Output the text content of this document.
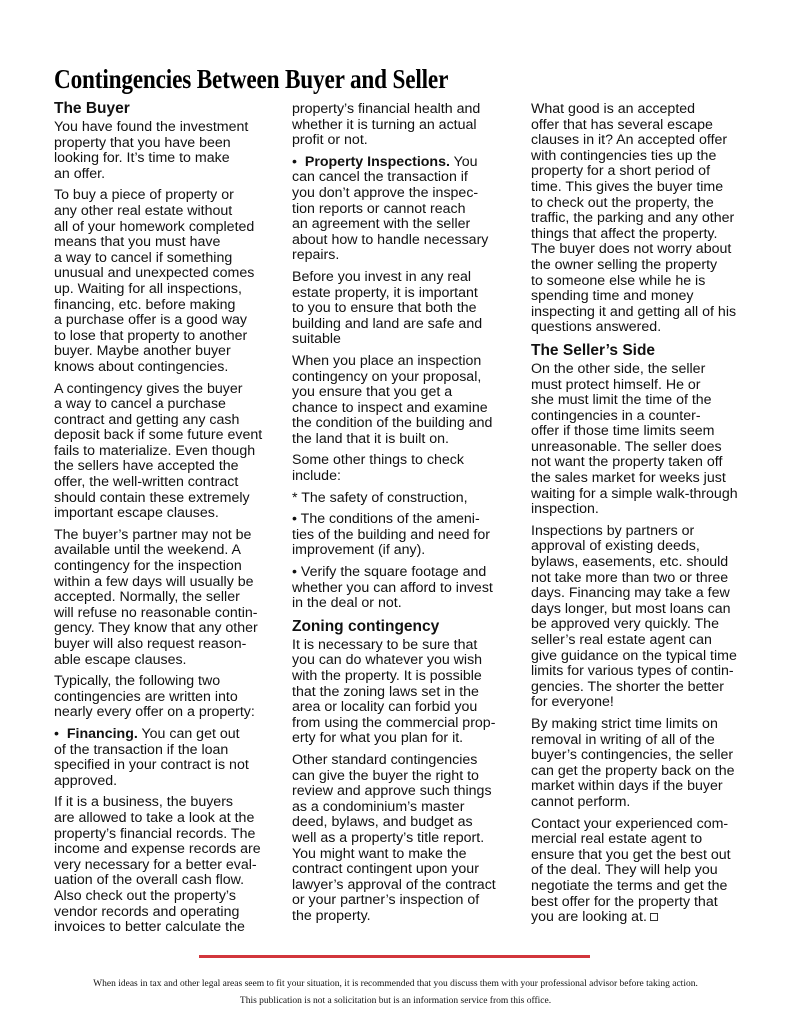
Contingencies Between Buyer and Seller
The Buyer
You have found the investment
property that you have been
looking for. It’s time to make
an offer.
To buy a piece of property or
any other real estate without
all of your homework completed
means that you must have
a way to cancel if something
unusual and unexpected comes
up. Waiting for all inspections,
financing, etc. before making
a purchase offer is a good way
to lose that property to another
buyer. Maybe another buyer
knows about contingencies.
A contingency gives the buyer
a way to cancel a purchase
contract and getting any cash
deposit back if some future event
fails to materialize. Even though
the sellers have accepted the
offer, the well-written contract
should contain these extremely
important escape clauses.
The buyer’s partner may not be
available until the weekend. A
contingency for the inspection
within a few days will usually be
accepted. Normally, the seller
will refuse no reasonable contin-
gency. They know that any other
buyer will also request reason-
able escape clauses.
Typically, the following two
contingencies are written into
nearly every offer on a property:
• Financing. You can get out
of the transaction if the loan
specified in your contract is not
approved.
If it is a business, the buyers
are allowed to take a look at the
property’s financial records. The
income and expense records are
very necessary for a better eval-
uation of the overall cash flow.
Also check out the property’s
vendor records and operating
invoices to better calculate the
property’s financial health and
whether it is turning an actual
profit or not.
• Property Inspections. You
can cancel the transaction if
you don’t approve the inspec-
tion reports or cannot reach
an agreement with the seller
about how to handle necessary
repairs.
Before you invest in any real
estate property, it is important
to you to ensure that both the
building and land are safe and
suitable
When you place an inspection
contingency on your proposal,
you ensure that you get a
chance to inspect and examine
the condition of the building and
the land that it is built on.
Some other things to check
include:
* The safety of construction,
• The conditions of the ameni-
ties of the building and need for
improvement (if any).
• Verify the square footage and
whether you can afford to invest
in the deal or not.
Zoning contingency
It is necessary to be sure that
you can do whatever you wish
with the property. It is possible
that the zoning laws set in the
area or locality can forbid you
from using the commercial prop-
erty for what you plan for it.
Other standard contingencies
can give the buyer the right to
review and approve such things
as a condominium’s master
deed, bylaws, and budget as
well as a property’s title report.
You might want to make the
contract contingent upon your
lawyer’s approval of the contract
or your partner’s inspection of
the property.
What good is an accepted
offer that has several escape
clauses in it? An accepted offer
with contingencies ties up the
property for a short period of
time. This gives the buyer time
to check out the property, the
traffic, the parking and any other
things that affect the property.
The buyer does not worry about
the owner selling the property
to someone else while he is
spending time and money
inspecting it and getting all of his
questions answered.
The Seller’s Side
On the other side, the seller
must protect himself. He or
she must limit the time of the
contingencies in a counter-
offer if those time limits seem
unreasonable. The seller does
not want the property taken off
the sales market for weeks just
waiting for a simple walk-through
inspection.
Inspections by partners or
approval of existing deeds,
bylaws, easements, etc. should
not take more than two or three
days. Financing may take a few
days longer, but most loans can
be approved very quickly. The
seller’s real estate agent can
give guidance on the typical time
limits for various types of contin-
gencies. The shorter the better
for everyone!
By making strict time limits on
removal in writing of all of the
buyer’s contingencies, the seller
can get the property back on the
market within days if the buyer
cannot perform.
Contact your experienced com-
mercial real estate agent to
ensure that you get the best out
of the deal. They will help you
negotiate the terms and get the
best offer for the property that
you are looking at.
When ideas in tax and other legal areas seem to fit your situation, it is recommended that you discuss them with your professional advisor before taking action.
This publication is not a solicitation but is an information service from this office.
